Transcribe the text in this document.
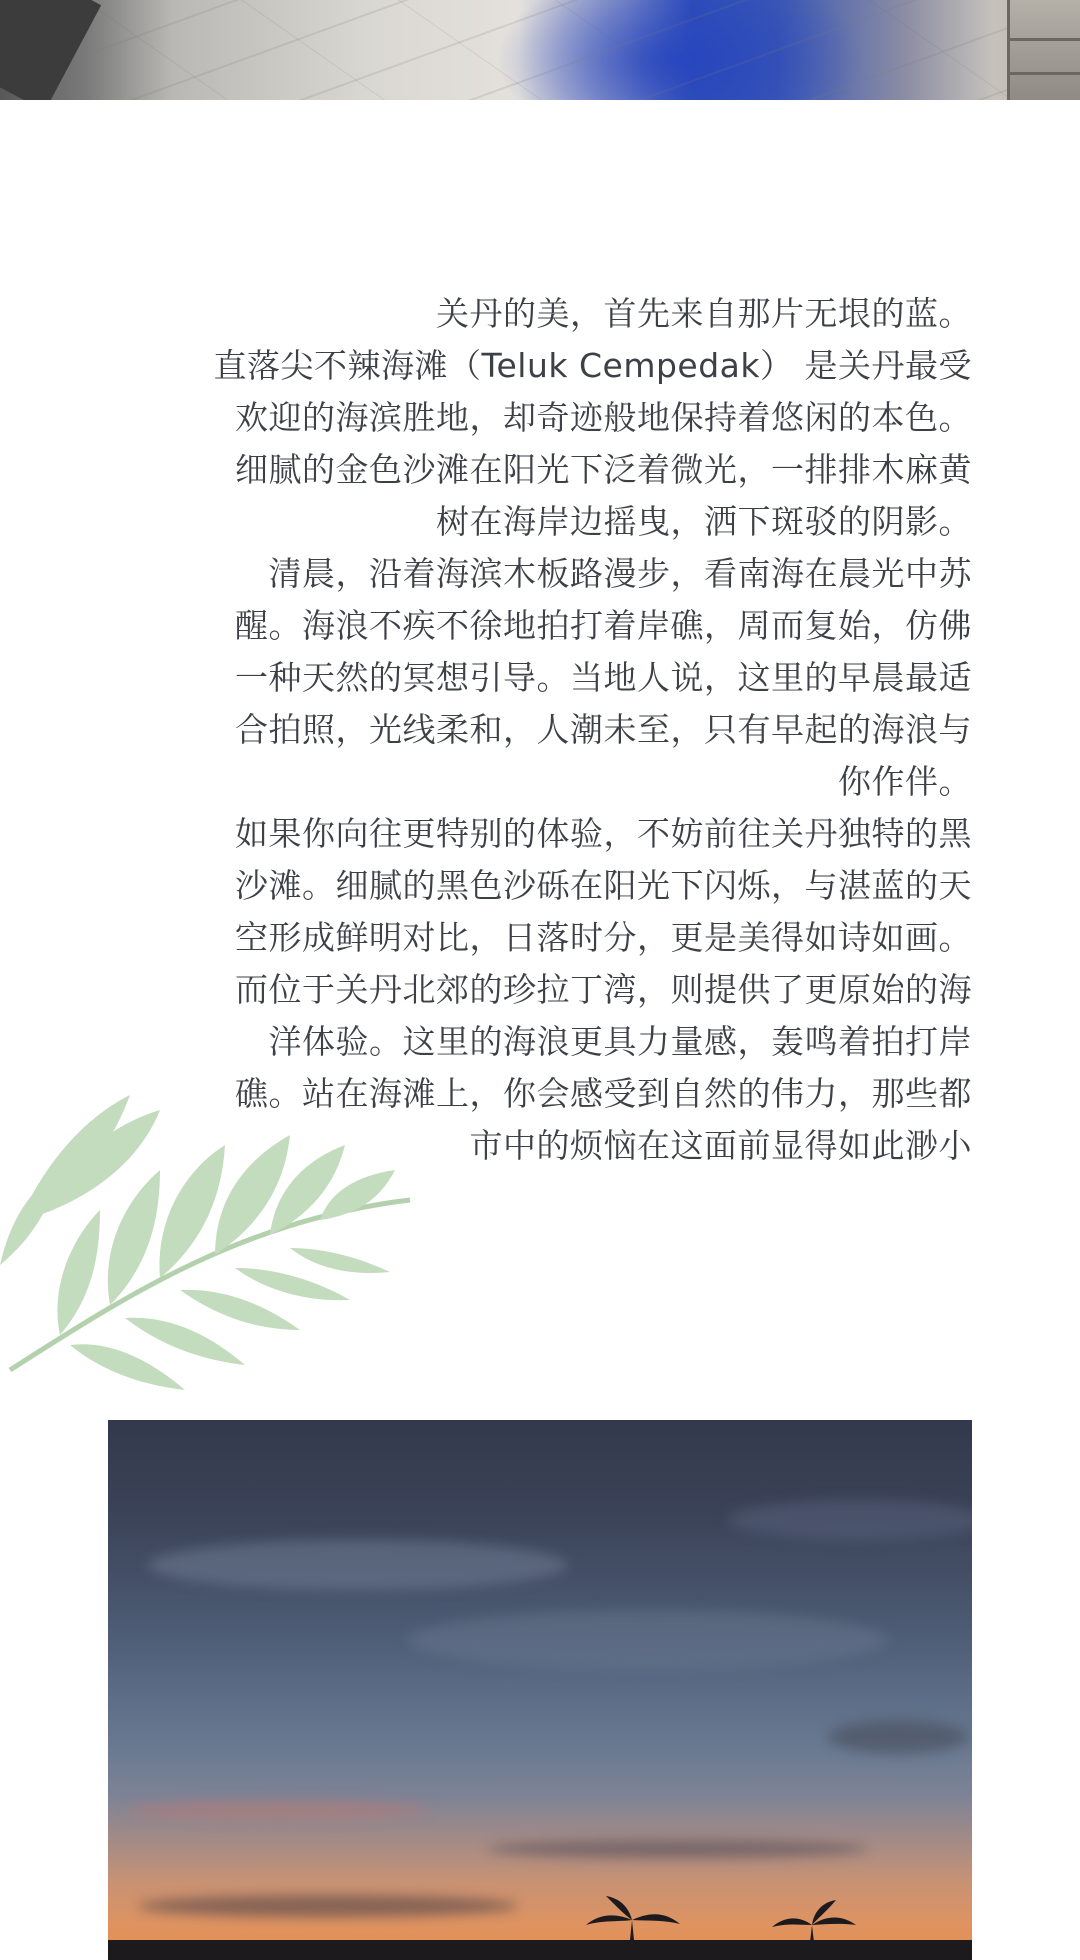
关丹的美，首先来自那片无垠的蓝。
直落尖不辣海滩（Teluk Cempedak） 是关丹最受
欢迎的海滨胜地，却奇迹般地保持着悠闲的本色。
细腻的金色沙滩在阳光下泛着微光，一排排木麻黄
树在海岸边摇曳，洒下斑驳的阴影。
清晨，沿着海滨木板路漫步，看南海在晨光中苏
醒。海浪不疾不徐地拍打着岸礁，周而复始，仿佛
一种天然的冥想引导。当地人说，这里的早晨最适
合拍照，光线柔和，人潮未至，只有早起的海浪与
你作伴。
如果你向往更特别的体验，不妨前往关丹独特的黑
沙滩。细腻的黑色沙砾在阳光下闪烁，与湛蓝的天
空形成鲜明对比，日落时分，更是美得如诗如画。
而位于关丹北郊的珍拉丁湾，则提供了更原始的海
洋体验。这里的海浪更具力量感，轰鸣着拍打岸
礁。站在海滩上，你会感受到自然的伟力，那些都
市中的烦恼在这面前显得如此渺小
